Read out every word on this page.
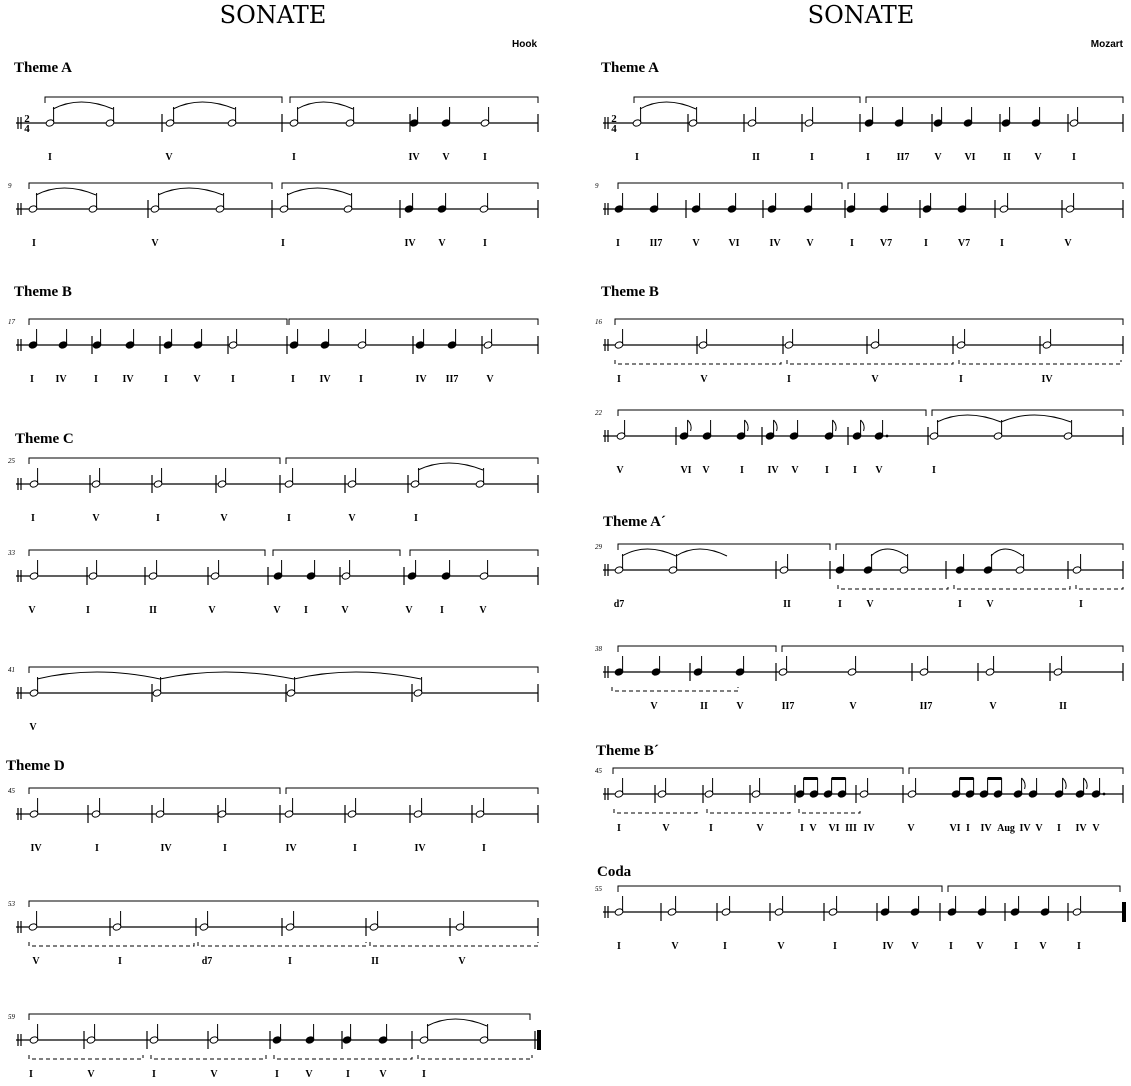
SONATE
Hook
SONATE
Mozart
Theme A
Theme B
Theme C
Theme D
Theme A
Theme B
Theme A´
Theme B´
Coda
2
4
I	V	I	IV V	I
9
I	V	I	IV V	I
17
I IV	I IV	I	V	I	I IV	I	IV II7	V
25
I	V	I	V	I	V	I
33
V	I	II	V	V I	V	V	I	V
41
V
45
IV	I	IV	I	IV	I	IV	I
53
V	I	d7	I	II	V
59
I	V	I	V	I	V	I	V	I
2
4
I	II	I	I	II7 V VI	II V	I
9
I	II7	V	VI	IV	V	I	V7	I	V7	I	V
16
I	V	I	V	I	IV
22
V	VI V	I IV V	I I V	I
29
d7	II	I V	I V	I
38
V	II	V	II7	V	II7	V	II
45
I	V	I	V	I V VI III IV	V	VI I IV Aug IV V I IV V
55
I	V	I	V	I	IV V	I V	I V	I
